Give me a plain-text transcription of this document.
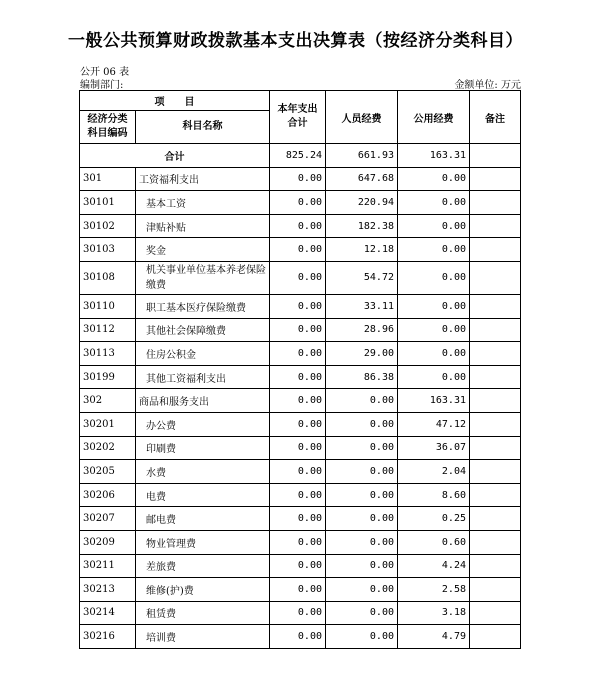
一般公共预算财政拨款基本支出决算表（按经济分类科目）
公开 06 表
编制部门:	金额单位: 万元
项　　目		本年支出合计	人员经费	公用经费	备注
经济分类科目编码	科目名称				
合计		825.24	661.93	163.31	
301	工资福利支出	0.00	647.68	0.00	
30101	基本工资	0.00	220.94	0.00	
30102	津贴补贴	0.00	182.38	0.00	
30103	奖金	0.00	12.18	0.00	
30108	机关事业单位基本养老保险缴费	0.00	54.72	0.00	
30110	职工基本医疗保险缴费	0.00	33.11	0.00	
30112	其他社会保障缴费	0.00	28.96	0.00	
30113	住房公积金	0.00	29.00	0.00	
30199	其他工资福利支出	0.00	86.38	0.00	
302	商品和服务支出	0.00	0.00	163.31	
30201	办公费	0.00	0.00	47.12	
30202	印刷费	0.00	0.00	36.07	
30205	水费	0.00	0.00	2.04	
30206	电费	0.00	0.00	8.60	
30207	邮电费	0.00	0.00	0.25	
30209	物业管理费	0.00	0.00	0.60	
30211	差旅费	0.00	0.00	4.24	
30213	维修(护)费	0.00	0.00	2.58	
30214	租赁费	0.00	0.00	3.18	
30216	培训费	0.00	0.00	4.79	
